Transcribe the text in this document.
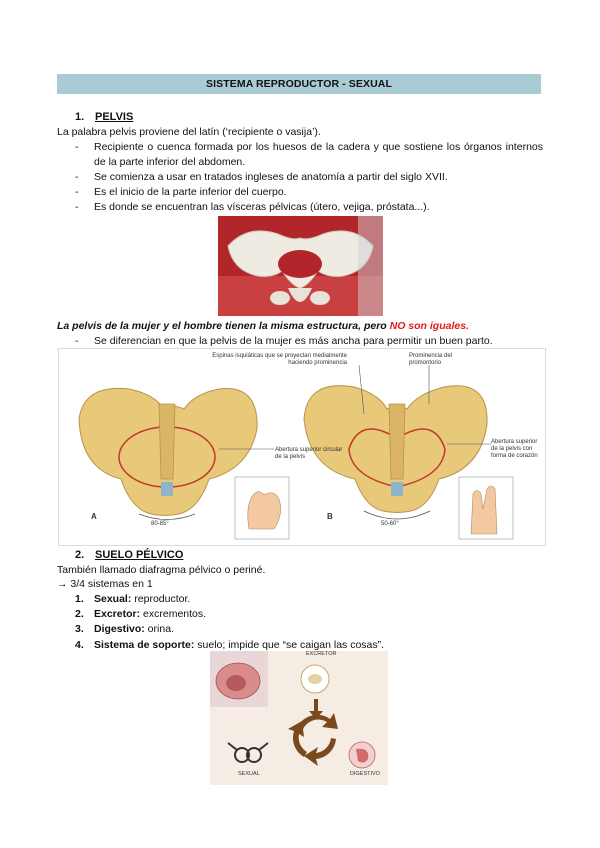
SISTEMA REPRODUCTOR - SEXUAL
1. PELVIS
La palabra pelvis proviene del latín (‘recipiente o vasija’).
-	Recipiente o cuenca formada por los huesos de la cadera y que sostiene los órganos internos de la parte inferior del abdomen.
-	Se comienza a usar en tratados ingleses de anatomía a partir del siglo XVII.
-	Es el inicio de la parte inferior del cuerpo.
-	Es donde se encuentran las vísceras pélvicas (útero, vejiga, próstata...).
La pelvis de la mujer y el hombre tienen la misma estructura, pero NO son iguales.
-	Se diferencian en que la pelvis de la mujer es más ancha para permitir un buen parto.
Espinas isquiáticas que se proyectan medialmente haciendo prominencia
Prominencia del promontorio
Abertura superior circular de la pelvis
Abertura superior de la pelvis con forma de corazón
80-85°	50-60°
A	B
2. SUELO PÉLVICO
También llamado diafragma pélvico o periné.
→ 3/4 sistemas en 1
1. Sexual: reproductor.
2. Excretor: excrementos.
3. Digestivo: orina.
4. Sistema de soporte: suelo; impide que “se caigan las cosas”.
EXCRETOR
SEXUAL	DIGESTIVO
